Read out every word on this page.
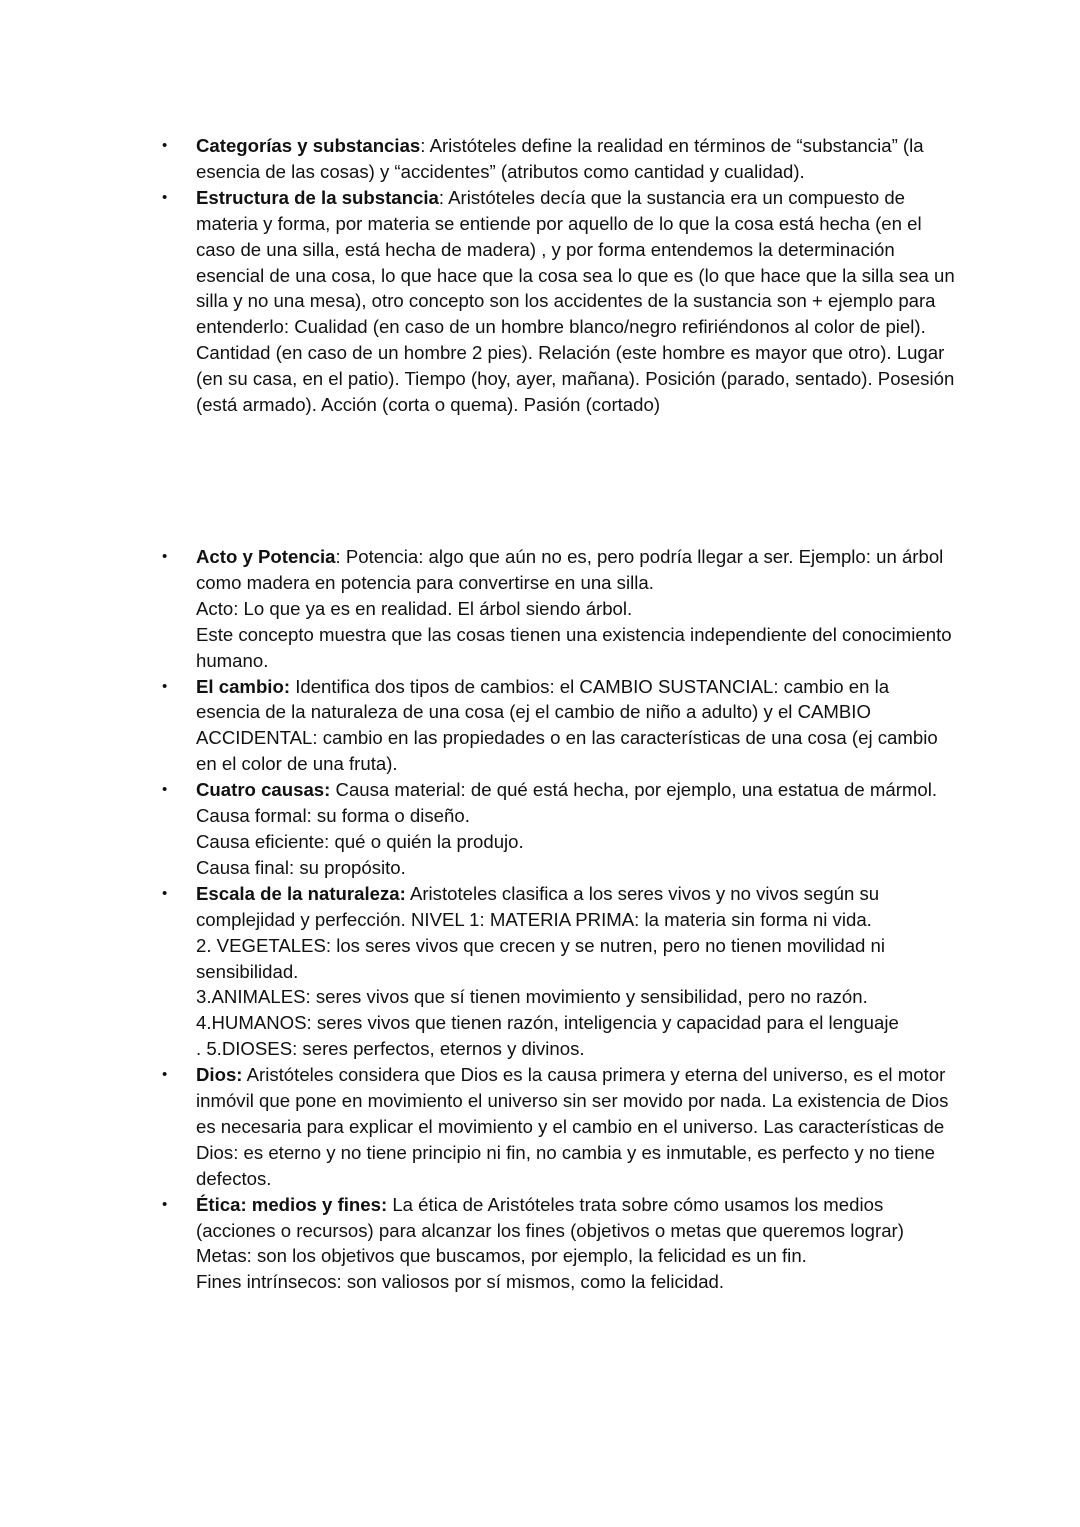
• Categorías y substancias: Aristóteles define la realidad en términos de “substancia” (la esencia de las cosas) y “accidentes” (atributos como cantidad y cualidad).
• Estructura de la substancia: Aristóteles decía que la sustancia era un compuesto de materia y forma, por materia se entiende por aquello de lo que la cosa está hecha (en el caso de una silla, está hecha de madera) , y por forma entendemos la determinación esencial de una cosa, lo que hace que la cosa sea lo que es (lo que hace que la silla sea un silla y no una mesa), otro concepto son los accidentes de la sustancia son + ejemplo para entenderlo: Cualidad (en caso de un hombre blanco/negro refiriéndonos al color de piel). Cantidad (en caso de un hombre 2 pies). Relación (este hombre es mayor que otro). Lugar (en su casa, en el patio). Tiempo (hoy, ayer, mañana). Posición (parado, sentado). Posesión (está armado). Acción (corta o quema). Pasión (cortado)
• Acto y Potencia: Potencia: algo que aún no es, pero podría llegar a ser. Ejemplo: un árbol como madera en potencia para convertirse en una silla.
Acto: Lo que ya es en realidad. El árbol siendo árbol.
Este concepto muestra que las cosas tienen una existencia independiente del conocimiento humano.
• El cambio: Identifica dos tipos de cambios: el CAMBIO SUSTANCIAL: cambio en la esencia de la naturaleza de una cosa (ej el cambio de niño a adulto) y el CAMBIO ACCIDENTAL: cambio en las propiedades o en las características de una cosa (ej cambio en el color de una fruta).
• Cuatro causas: Causa material: de qué está hecha, por ejemplo, una estatua de mármol.
Causa formal: su forma o diseño.
Causa eficiente: qué o quién la produjo.
Causa final: su propósito.
• Escala de la naturaleza: Aristoteles clasifica a los seres vivos y no vivos según su complejidad y perfección. NIVEL 1: MATERIA PRIMA: la materia sin forma ni vida.
2. VEGETALES: los seres vivos que crecen y se nutren, pero no tienen movilidad ni sensibilidad.
3.ANIMALES: seres vivos que sí tienen movimiento y sensibilidad, pero no razón.
4.HUMANOS: seres vivos que tienen razón, inteligencia y capacidad para el lenguaje
. 5.DIOSES: seres perfectos, eternos y divinos.
• Dios: Aristóteles considera que Dios es la causa primera y eterna del universo, es el motor inmóvil que pone en movimiento el universo sin ser movido por nada. La existencia de Dios es necesaria para explicar el movimiento y el cambio en el universo. Las características de Dios: es eterno y no tiene principio ni fin, no cambia y es inmutable, es perfecto y no tiene defectos.
• Ética: medios y fines: La ética de Aristóteles trata sobre cómo usamos los medios (acciones o recursos) para alcanzar los fines (objetivos o metas que queremos lograr)
Metas: son los objetivos que buscamos, por ejemplo, la felicidad es un fin.
Fines intrínsecos: son valiosos por sí mismos, como la felicidad.
